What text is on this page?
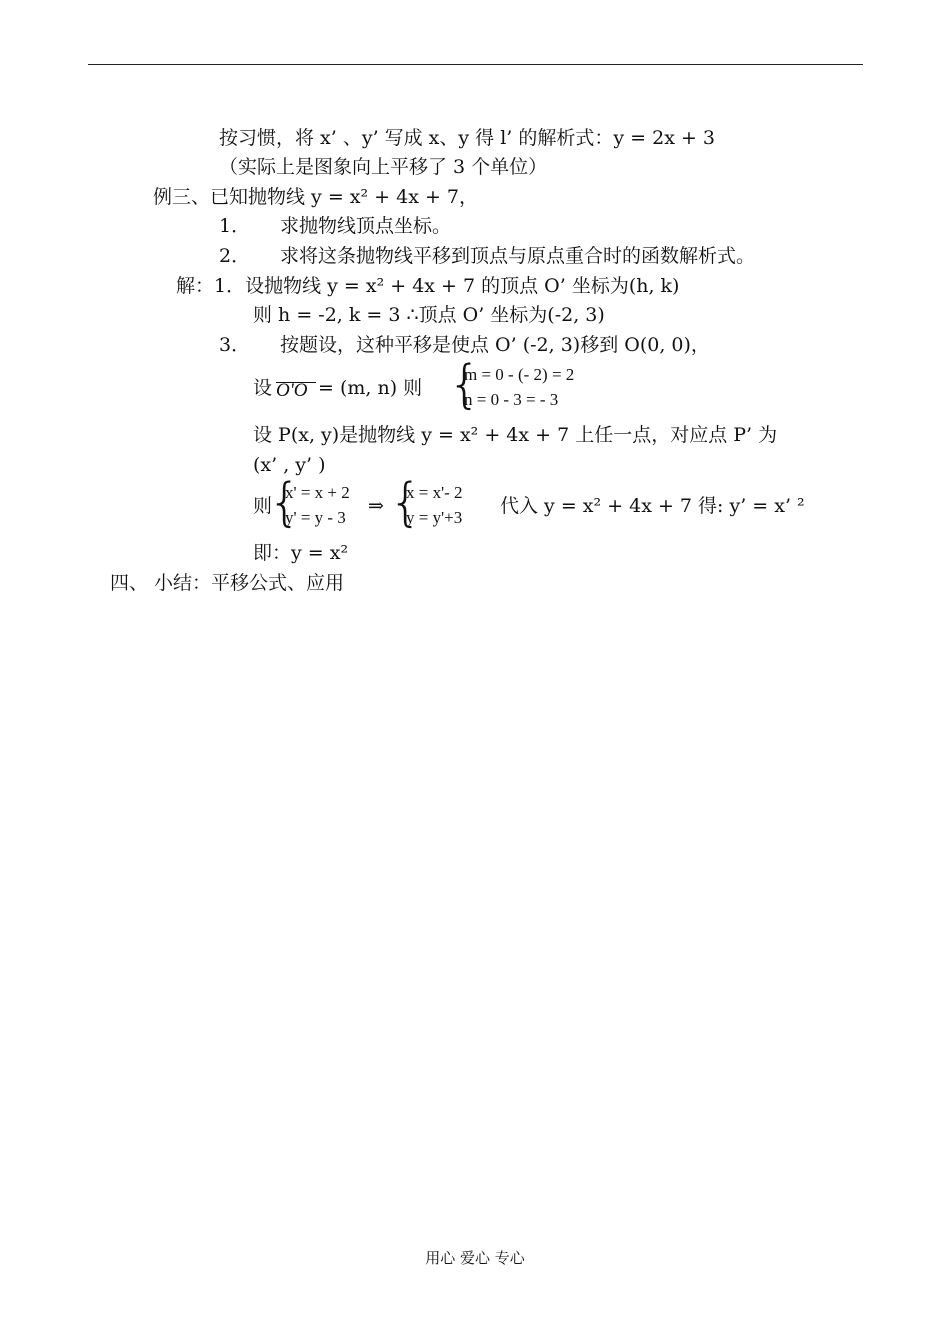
按习惯，将 x’ 、y’ 写成 x、y 得 l’ 的解析式：y = 2x + 3
（实际上是图象向上平移了 3 个单位）
例三、已知抛物线 y = x² + 4x + 7，
1． 求抛物线顶点坐标。
2． 求将这条抛物线平移到顶点与原点重合时的函数解析式。
解：1．设抛物线 y = x² + 4x + 7 的顶点 O’ 坐标为(h, k)
则 h = -2, k = 3 ∴顶点 O’ 坐标为(-2, 3)
3． 按题设，这种平移是使点 O’ (-2, 3)移到 O(0, 0)，
设 O'O = (m, n) 则 {
m = 0 - (- 2) = 2
n = 0 - 3 = - 3
设 P(x, y)是抛物线 y = x² + 4x + 7 上任一点，对应点 P’ 为
(x’ , y’ )
则
{
x' = x + 2
y' = y - 3
⇒ {
x = x'- 2
y = y'+3
代入 y = x² + 4x + 7 得: y’ = x’ ²
即：y = x²
四、 小结：平移公式、应用
用心 爱心 专心
